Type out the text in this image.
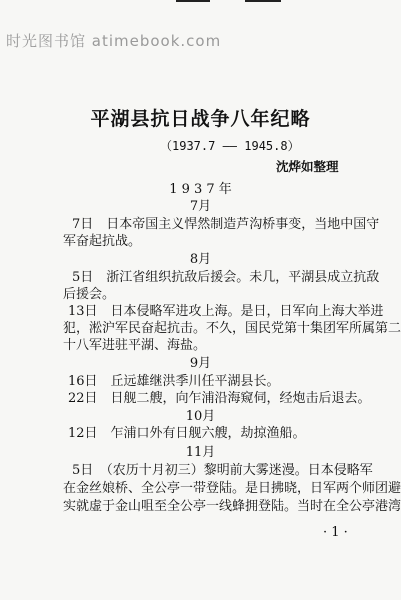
时光图书馆 atimebook.com
平湖县抗日战争八年纪略
（1937.7 —— 1945.8）
沈烨如整理
1 9 3 7 年
7月
7日　日本帝国主义悍然制造芦沟桥事变，当地中国守
军奋起抗战。
8月
5日　浙江省组织抗敌后援会。未几，平湖县成立抗敌
后援会。
13日　日本侵略军进攻上海。是日，日军向上海大举进
犯，淞沪军民奋起抗击。不久，国民党第十集团军所属第二
十八军进驻平湖、海盐。
9月
16日　丘远雄继洪季川任平湖县长。
22日　日舰二艘，向乍浦沿海窥伺，经炮击后退去。
10月
12日　乍浦口外有日舰六艘，劫掠渔船。
11月
5日　（农历十月初三）黎明前大雾迷漫。日本侵略军
在金丝娘桥、全公亭一带登陆。是日拂晓，日军两个师团避
实就虚于金山咀至全公亭一线蜂拥登陆。当时在全公亭港湾
· 1 ·
